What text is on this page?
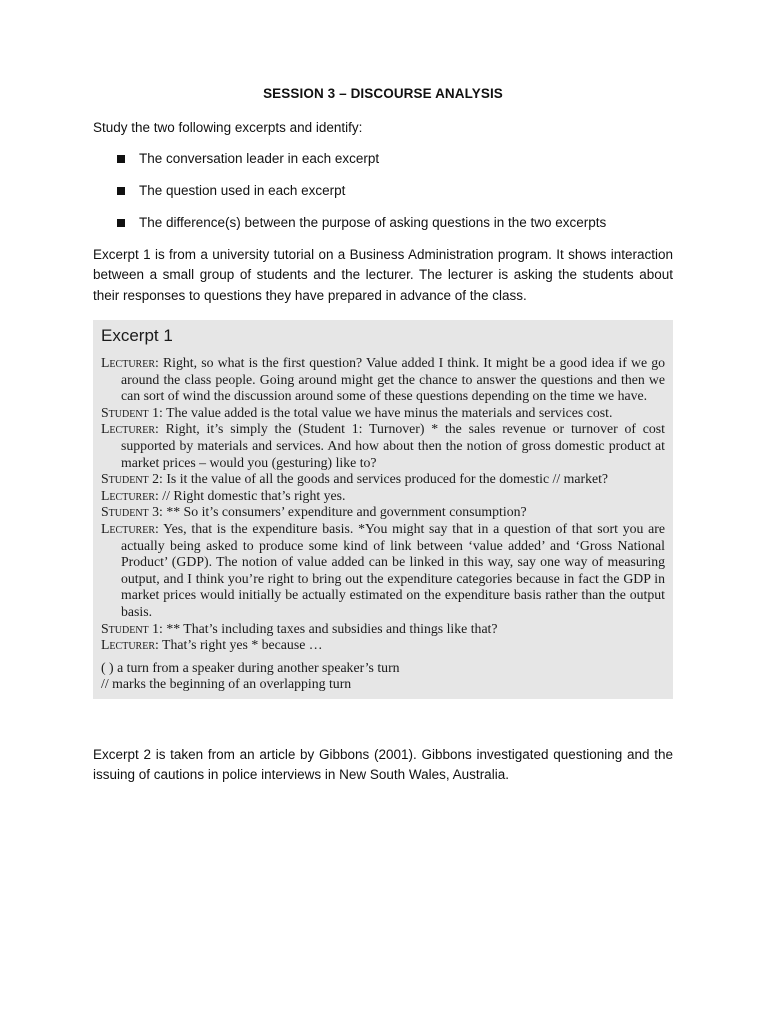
SESSION 3 – DISCOURSE ANALYSIS

Study the two following excerpts and identify:

The conversation leader in each excerpt
The question used in each excerpt
The difference(s) between the purpose of asking questions in the two excerpts

Excerpt 1 is from a university tutorial on a Business Administration program. It shows interaction between a small group of students and the lecturer. The lecturer is asking the students about their responses to questions they have prepared in advance of the class.

Excerpt 1

Lecturer: Right, so what is the first question? Value added I think. It might be a good idea if we go around the class people. Going around might get the chance to answer the questions and then we can sort of wind the discussion around some of these questions depending on the time we have.

Student 1: The value added is the total value we have minus the materials and services cost.

Lecturer: Right, it’s simply the (Student 1: Turnover) * the sales revenue or turnover of cost supported by materials and services. And how about then the notion of gross domestic product at market prices – would you (gesturing) like to?

Student 2: Is it the value of all the goods and services produced for the domestic // market?

Lecturer: // Right domestic that’s right yes.

Student 3: ** So it’s consumers’ expenditure and government consumption?

Lecturer: Yes, that is the expenditure basis. *You might say that in a question of that sort you are actually being asked to produce some kind of link between ‘value added’ and ‘Gross National Product’ (GDP). The notion of value added can be linked in this way, say one way of measuring output, and I think you’re right to bring out the expenditure categories because in fact the GDP in market prices would initially be actually estimated on the expenditure basis rather than the output basis.

Student 1: ** That’s including taxes and subsidies and things like that?

Lecturer: That’s right yes * because …

( ) a turn from a speaker during another speaker’s turn
// marks the beginning of an overlapping turn

Excerpt 2 is taken from an article by Gibbons (2001). Gibbons investigated questioning and the issuing of cautions in police interviews in New South Wales, Australia.
